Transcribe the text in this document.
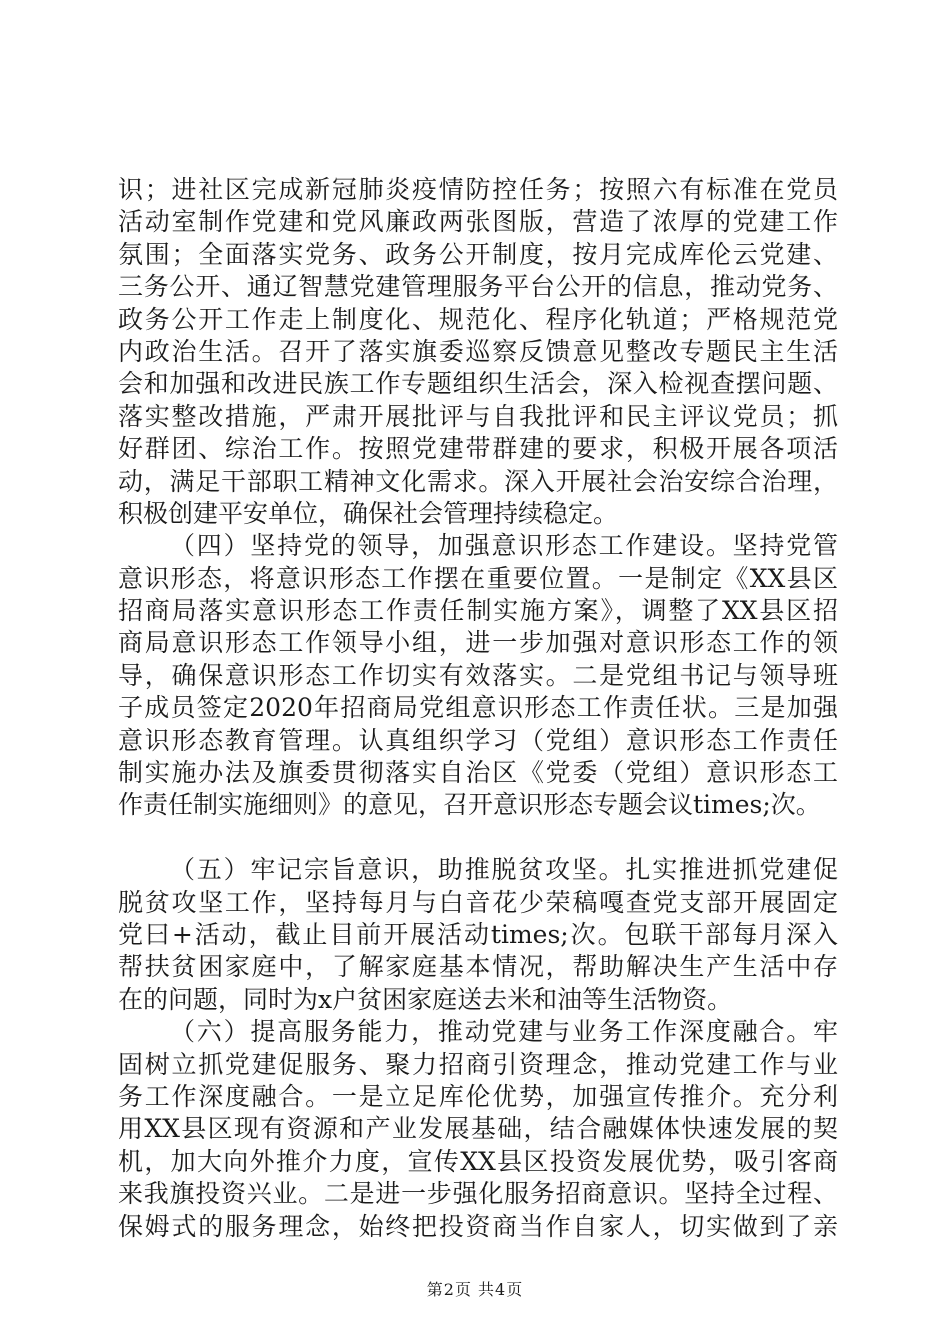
识；进社区完成新冠肺炎疫情防控任务；按照六有标准在党员
活动室制作党建和党风廉政两张图版，营造了浓厚的党建工作
氛围；全面落实党务、政务公开制度，按月完成库伦云党建、
三务公开、通辽智慧党建管理服务平台公开的信息，推动党务、
政务公开工作走上制度化、规范化、程序化轨道；严格规范党
内政治生活。召开了落实旗委巡察反馈意见整改专题民主生活
会和加强和改进民族工作专题组织生活会，深入检视查摆问题、
落实整改措施，严肃开展批评与自我批评和民主评议党员；抓
好群团、综治工作。按照党建带群建的要求，积极开展各项活
动，满足干部职工精神文化需求。深入开展社会治安综合治理，
积极创建平安单位，确保社会管理持续稳定。
（四）坚持党的领导，加强意识形态工作建设。坚持党管
意识形态，将意识形态工作摆在重要位置。一是制定《XX县区
招商局落实意识形态工作责任制实施方案》，调整了XX县区招
商局意识形态工作领导小组，进一步加强对意识形态工作的领
导，确保意识形态工作切实有效落实。二是党组书记与领导班
子成员签定2020年招商局党组意识形态工作责任状。三是加强
意识形态教育管理。认真组织学习（党组）意识形态工作责任
制实施办法及旗委贯彻落实自治区《党委（党组）意识形态工
作责任制实施细则》的意见，召开意识形态专题会议times;次。
（五）牢记宗旨意识，助推脱贫攻坚。扎实推进抓党建促
脱贫攻坚工作，坚持每月与白音花少荣稿嘎查党支部开展固定
党曰+活动，截止目前开展活动times;次。包联干部每月深入
帮扶贫困家庭中，了解家庭基本情况，帮助解决生产生活中存
在的问题，同时为x户贫困家庭送去米和油等生活物资。
（六）提高服务能力，推动党建与业务工作深度融合。牢
固树立抓党建促服务、聚力招商引资理念，推动党建工作与业
务工作深度融合。一是立足库伦优势，加强宣传推介。充分利
用XX县区现有资源和产业发展基础，结合融媒体快速发展的契
机，加大向外推介力度，宣传XX县区投资发展优势，吸引客商
来我旗投资兴业。二是进一步强化服务招商意识。坚持全过程、
保姆式的服务理念，始终把投资商当作自家人，切实做到了亲
第2页 共4页
